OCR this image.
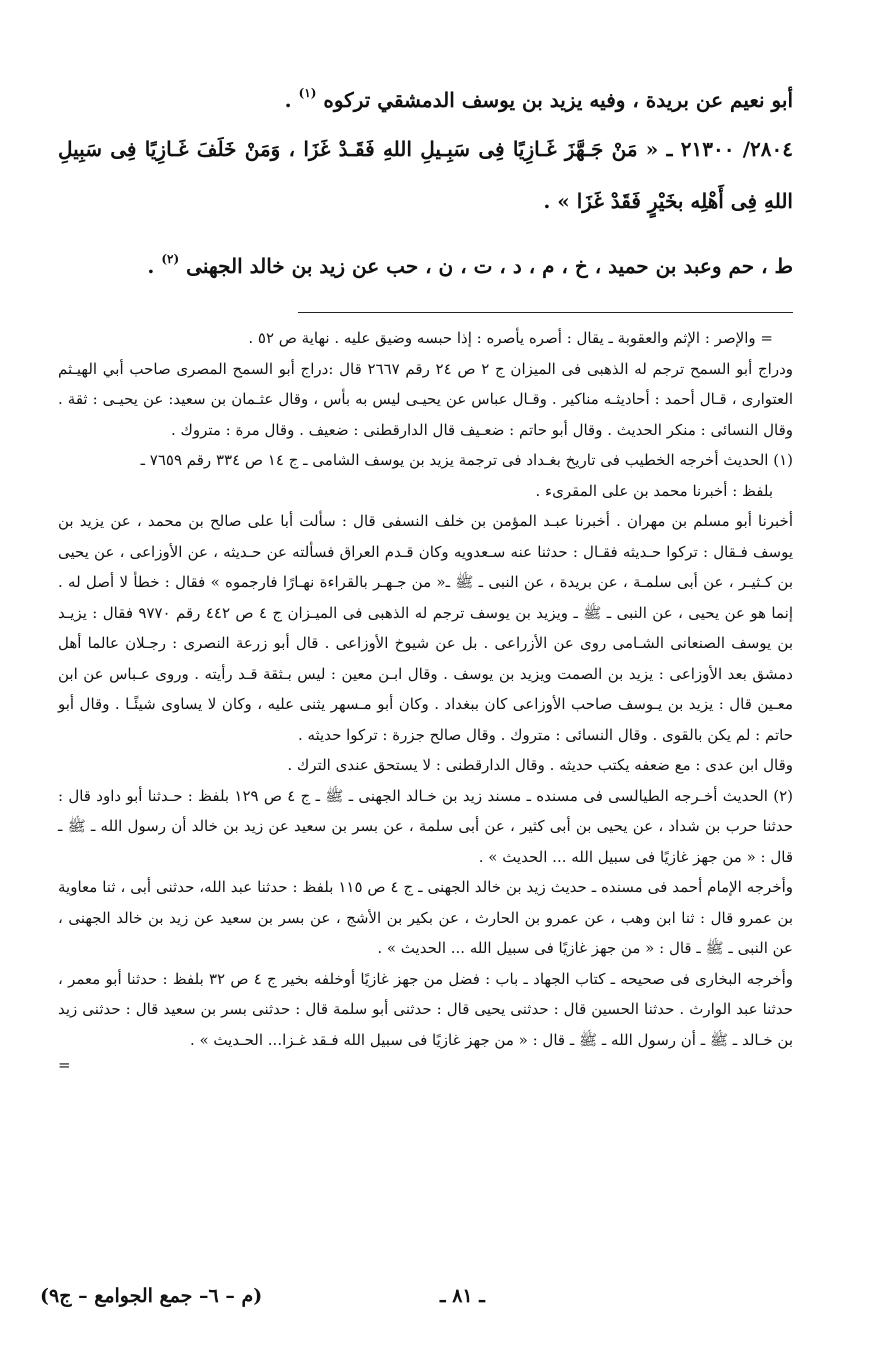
أبو نعيم عن بريدة ، وفيه يزيد بن يوسف الدمشقي تركوه $^{(١)}$ .

٢٨٠٤/ ٢١٣٠٠ ـ « مَنْ جَـهَّزَ غَـازِيًا فِى سَبِـيلِ اللهِ فَقَـدْ غَزَا ، وَمَنْ خَلَفَ غَـازِيًا فِى سَبِيلِ اللهِ فِى أَهْلِه بخَيْرٍ فَقَدْ غَزَا » .

ط ، حم وعبد بن حميد ، خ ، م ، د ، ت ، ن ، حب عن زيد بن خالد الجهنى $^{(٢)}$ .

= والإصر : الإثم والعقوبة ـ يقال : أصره يأصره : إذا حبسه وضيق عليه . نهاية ص ٥٢ .

ودراج أبو السمح ترجم له الذهبى فى الميزان ج ٢ ص ٢٤ رقم ٢٦٦٧ قال :دراج أبو السمح المصرى صاحب أبي الهيـثم العتوارى ، قـال أحمد : أحاديثـه مناكير . وقـال عباس عن يحيـى ليس به بأس ، وقال عثـمان بن سعيد: عن يحيـى : ثقة . وقال النسائى : منكر الحديث . وقال أبو حاتم : ضعـيف قال الدارقطنى : ضعيف . وقال مرة : متروك .

(١) الحديث أخرجه الخطيب فى تاريخ بغـداد فى ترجمة يزيد بن يوسف الشامى ـ ج ١٤ ص ٣٣٤ رقم ٧٦٥٩ ـ

بلفظ : أخبرنا محمد بن على المقرىء .

أخبرنا أبو مسلم بن مهران . أخبرنا عبـد المؤمن بن خلف النسفى قال : سألت أبا على صالح بن محمد ، عن يزيد بن يوسف فـقال : تركوا حـديثه فقـال : حدثنا عنه سـعدويه وكان قـدم العراق فسألته عن حـديثه ، عن الأوزاعى ، عن يحيى بن كـثيـر ، عن أبى سلمـة ، عن بريدة ، عن النبى ـ ﷺ ـ« من جـهـر بالقراءة نهـارًا فارجموه » فقال : خطأ لا أصل له . إنما هو عن يحيى ، عن النبى ـ ﷺ ـ ويزيد بن يوسف ترجم له الذهبى فى الميـزان ج ٤ ص ٤٤٢ رقم ٩٧٧٠ فقال : يزيـد بن يوسف الصنعانى الشـامى روى عن الأزراعى . بل عن شيوخ الأوزاعى . قال أبو زرعة النصرى : رجـلان عالما أهل دمشق بعد الأوزاعى : يزيد بن الصمت ويزيد بن يوسف . وقال ابـن معين : ليس بـثقة قـد رأيته . وروى عـباس عن ابن معـين قال : يزيد بن يـوسف صاحب الأوزاعى كان ببغداد . وكان أبو مـسهر يثنى عليه ، وكان لا يساوى شيئًـا . وقال أبو حاتم : لم يكن بالقوى . وقال النسائى : متروك . وقال صالح جزرة : تركوا حديثه .

وقال ابن عدى : مع ضعفه يكتب حديثه . وقال الدارقطنى : لا يستحق عندى الترك .

(٢) الحديث أخـرجه الطيالسى فى مسنده ـ مسند زيد بن خـالد الجهنى ـ ﷺ ـ ج ٤ ص ١٢٩ بلفظ : حـدثنا أبو داود قال : حدثنا حرب بن شداد ، عن يحيى بن أبى كثير ، عن أبى سلمة ، عن بسر بن سعيد عن زيد بن خالد أن رسول الله ـ ﷺ ـ قال : « من جهز غازيًا فى سبيل الله ... الحديث » .

وأخرجه الإمام أحمد فى مسنده ـ حديث زيد بن خالد الجهنى ـ ج ٤ ص ١١٥ بلفظ : حدثنا عبد الله، حدثنى أبى ، ثنا معاوية بن عمرو قال : ثنا ابن وهب ، عن عمرو بن الحارث ، عن بكير بن الأشج ، عن بسر بن سعيد عن زيد بن خالد الجهنى ، عن النبى ـ ﷺ ـ قال : « من جهز غازيًا فى سبيل الله ... الحديث » .

وأخرجه البخارى فى صحيحه ـ كتاب الجهاد ـ باب : فضل من جهز غازيًا أوخلفه بخير ج ٤ ص ٣٢ بلفظ : حدثنا أبو معمر ، حدثنا عبد الوارث . حدثنا الحسين قال : حدثنى يحيى قال : حدثنى أبو سلمة قال : حدثنى بسر بن سعيد قال : حدثنى زيد بن خـالد ـ ﷺ ـ أن رسول الله ـ ﷺ ـ قال : « من جهز غازيًا فى سبيل الله فـقد غـزا... الحـديث » .

=
ـ ٨١ ـ
(م – ٦– جمع الجوامع – ج٩)
